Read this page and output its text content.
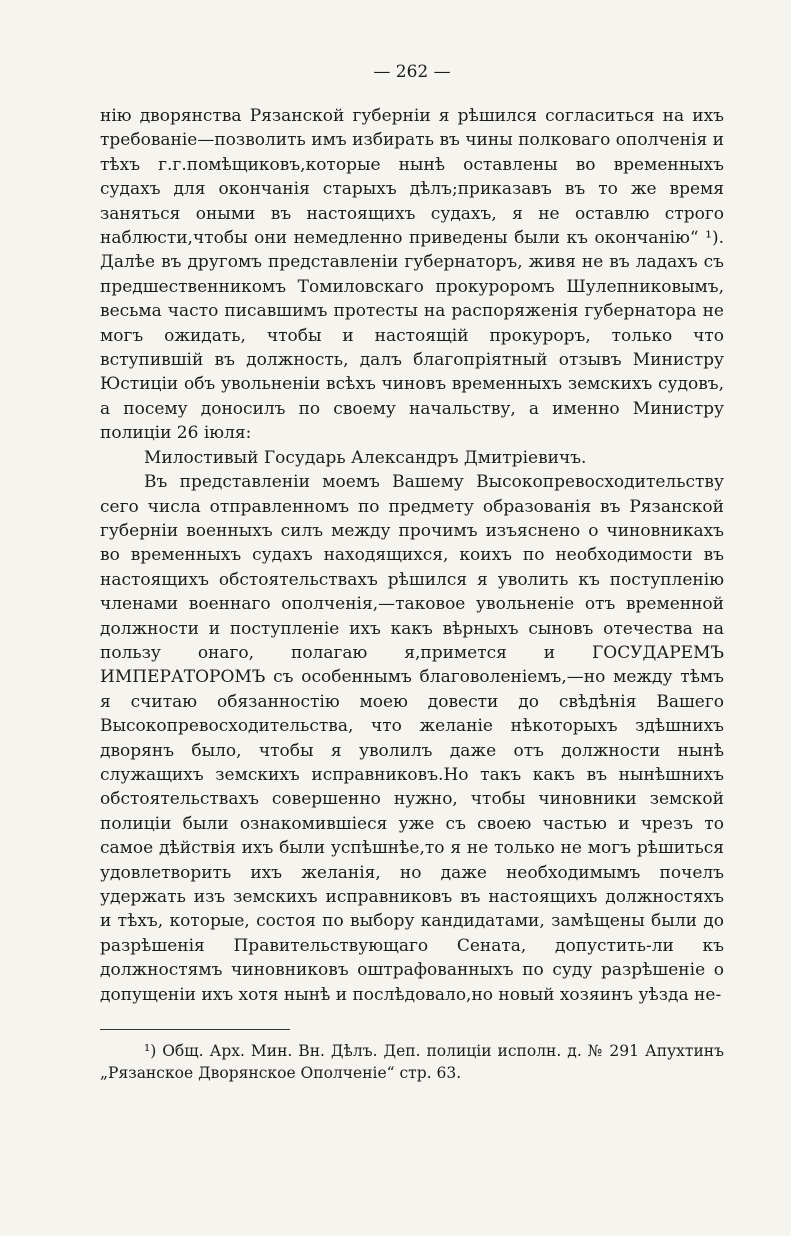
— 262 —

нію дворянства Рязанской губерніи я рѣшился согласиться на ихъ требованіе—позволить имъ избирать въ чины полковаго ополченія и тѣхъ г.г.помѣщиковъ,которые нынѣ оставлены во временныхъ судахъ для окончанія старыхъ дѣлъ;приказавъ въ то же время заняться оными въ настоящихъ судахъ, я не оставлю строго наблюсти,чтобы они немедленно приведены были къ окончанію“ ¹). Далѣе въ другомъ представленіи губернаторъ, живя не въ ладахъ съ предшественникомъ Томиловскаго прокуроромъ Шулепниковымъ, весьма часто писавшимъ протесты на распоряженія губернатора не могъ ожидать, чтобы и настоящій прокуроръ, только что вступившій въ должность, далъ благопріятный отзывъ Министру Юстиціи объ увольненіи всѣхъ чиновъ временныхъ земскихъ судовъ, а посему доносилъ по своему начальству, а именно Министру полиціи 26 іюля:

Милостивый Государь Александръ Дмитріевичъ.

Въ представленіи моемъ Вашему Высокопревосходительству сего числа отправленномъ по предмету образованія въ Рязанской губерніи военныхъ силъ между прочимъ изъяснено о чиновникахъ во временныхъ судахъ находящихся, коихъ по необходимости въ настоящихъ обстоятельствахъ рѣшился я уволить къ поступленію членами военнаго ополченія,—таковое увольненіе отъ временной должности и поступленіе ихъ какъ вѣрныхъ сыновъ отечества на пользу онаго, полагаю я,примется и ГОСУДАРЕМЪ ИМПЕРАТОРОМЪ съ особеннымъ благоволеніемъ,—но между тѣмъ я считаю обязанностію моею довести до свѣдѣнія Вашего Высокопревосходительства, что желаніе нѣкоторыхъ здѣшнихъ дворянъ было, чтобы я уволилъ даже отъ должности нынѣ служащихъ земскихъ исправниковъ.Но такъ какъ въ нынѣшнихъ обстоятельствахъ совершенно нужно, чтобы чиновники земской полиціи были ознакомившіеся уже съ своею частью и чрезъ то самое дѣйствія ихъ были успѣшнѣе,то я не только не могъ рѣшиться удовлетворить ихъ желанія, но даже необходимымъ почелъ удержать изъ земскихъ исправниковъ въ настоящихъ должностяхъ и тѣхъ, которые, состоя по выбору кандидатами, замѣщены были до разрѣшенія Правительствующаго Сената, допустить-ли къ должностямъ чиновниковъ оштрафованныхъ по суду разрѣшеніе о допущеніи ихъ хотя нынѣ и послѣдовало,но новый хозяинъ уѣзда не-

¹) Общ. Арх. Мин. Вн. Дѣлъ. Деп. полиціи исполн. д. № 291 Апухтинъ „Рязанское Дворянское Ополченіе“ стр. 63.
